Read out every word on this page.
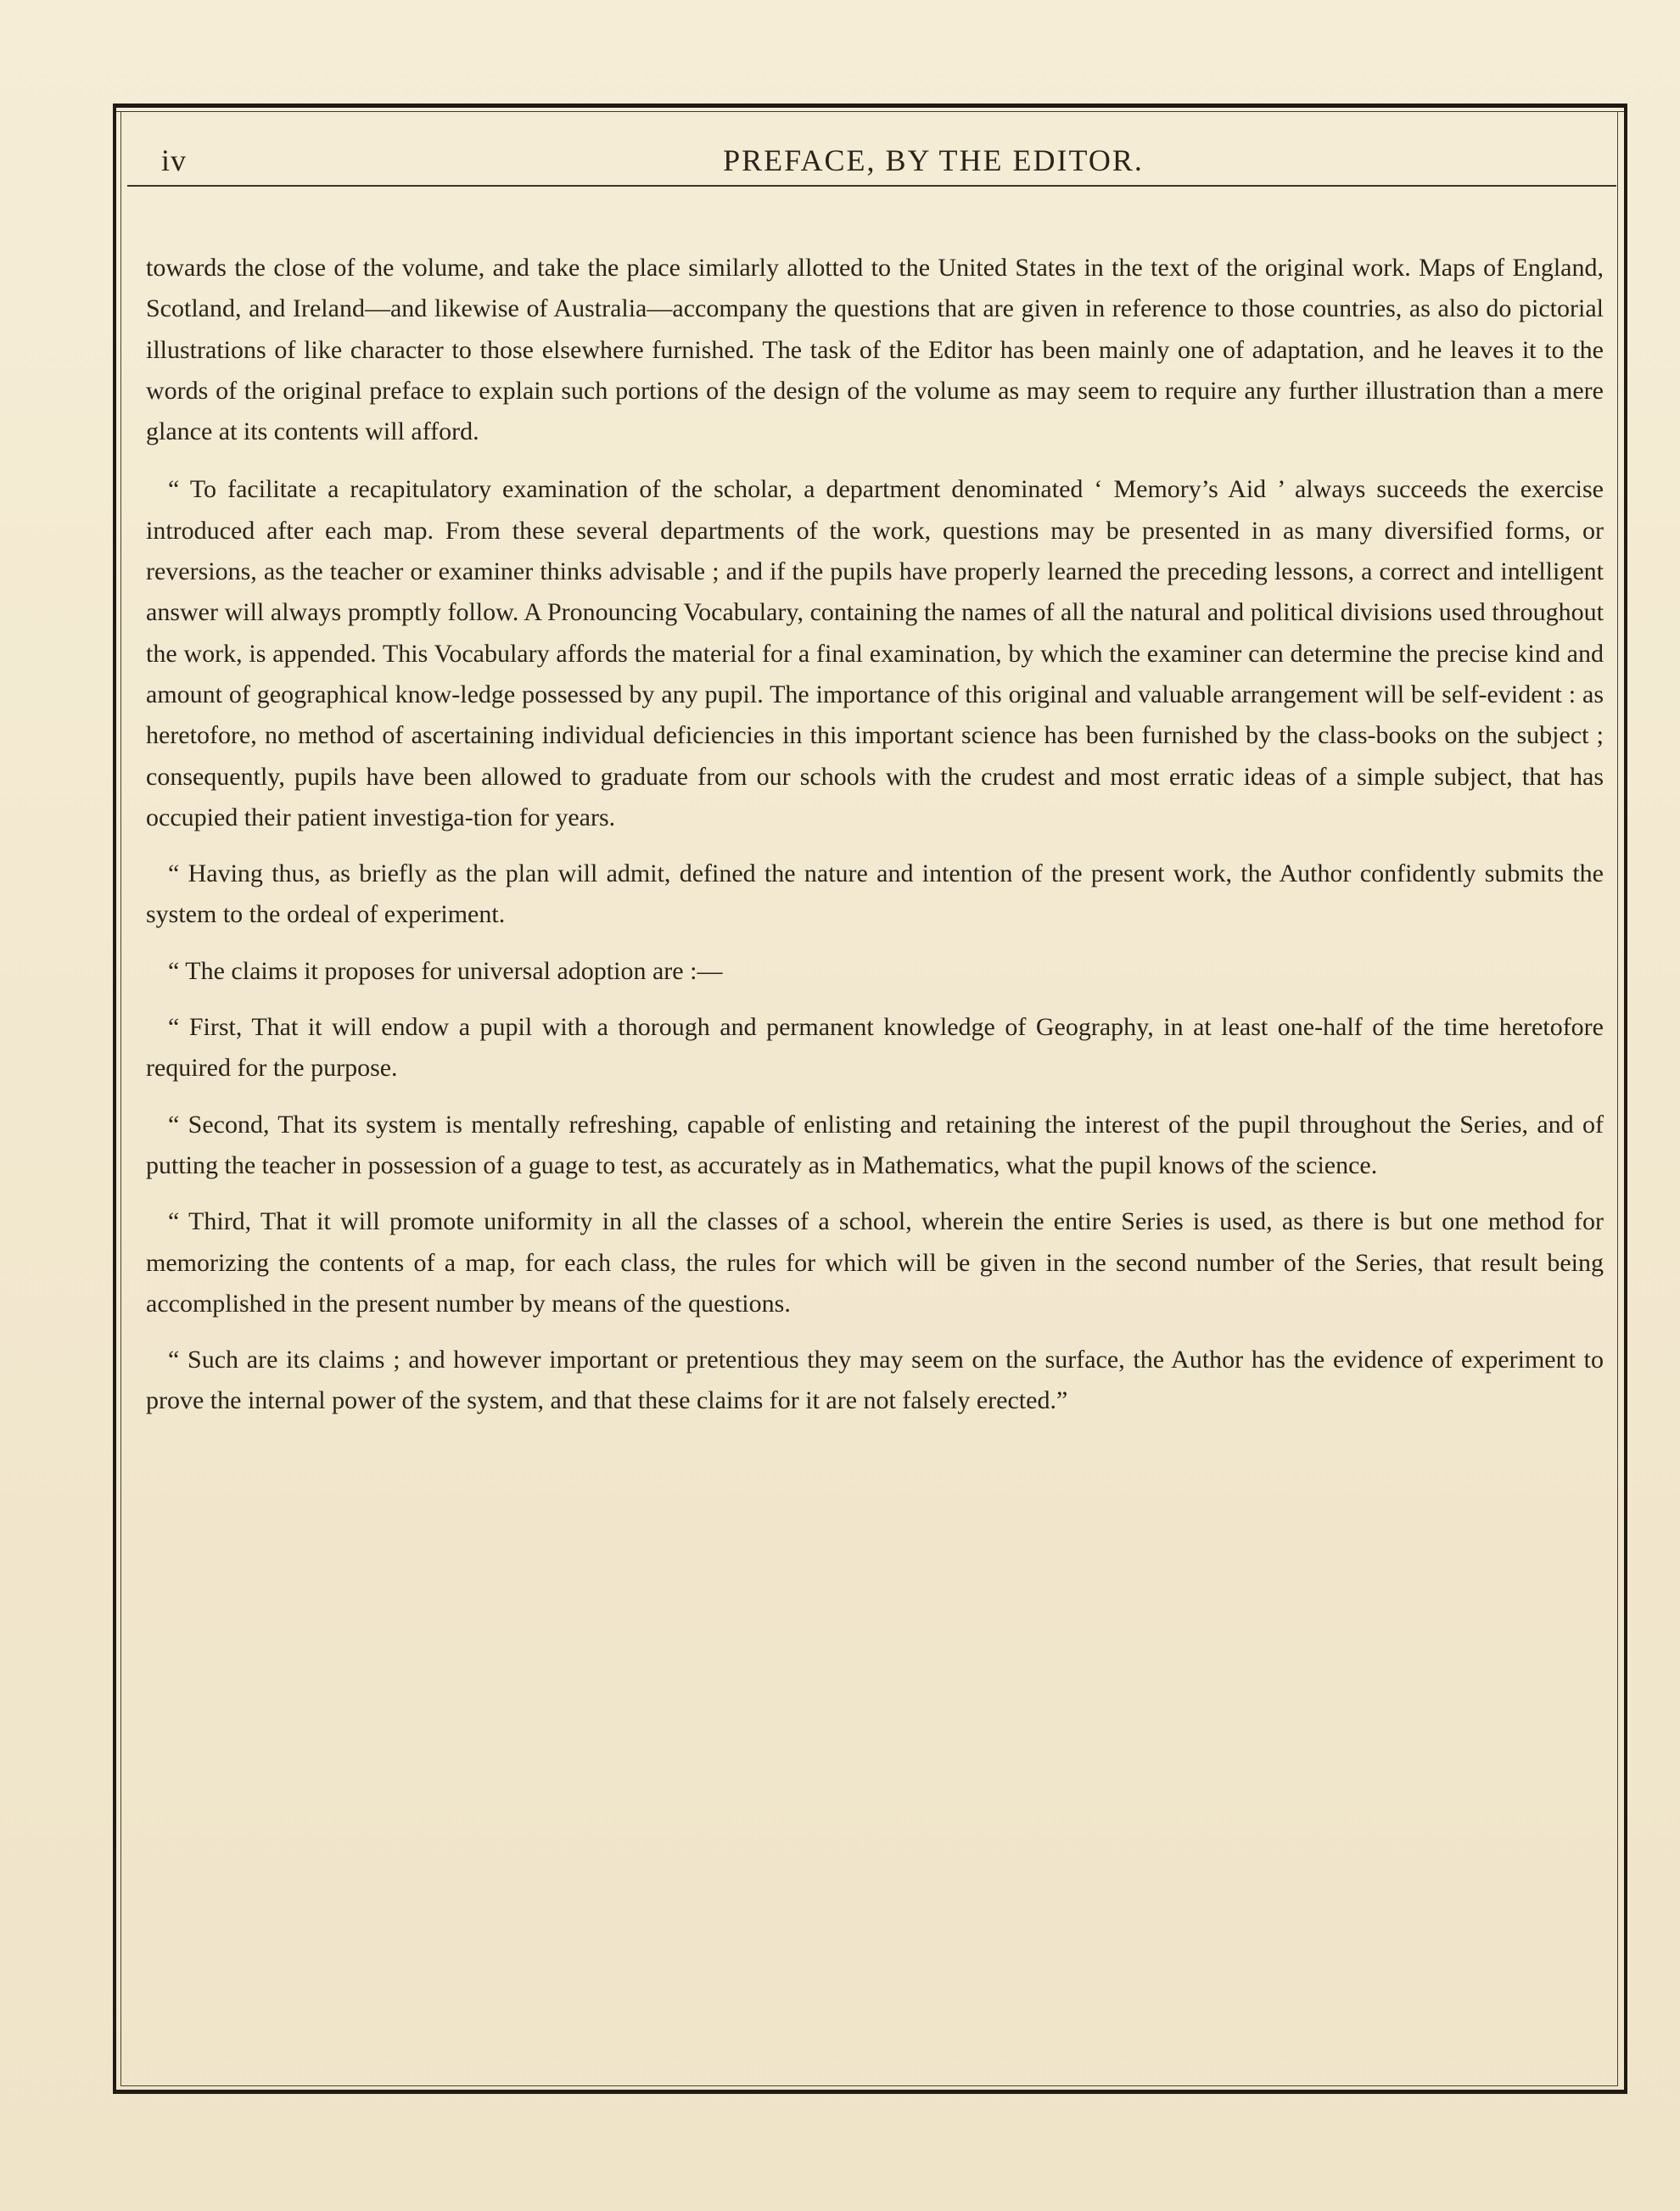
iv	PREFACE, BY THE EDITOR.

towards the close of the volume, and take the place similarly allotted to the United States in the text of the original work. Maps of England, Scotland, and Ireland—and likewise of Australia—accompany the questions that are given in reference to those countries, as also do pictorial illustrations of like character to those elsewhere furnished. The task of the Editor has been mainly one of adaptation, and he leaves it to the words of the original preface to explain such portions of the design of the volume as may seem to require any further illustration than a mere glance at its contents will afford.

“ To facilitate a recapitulatory examination of the scholar, a department denominated ‘ Memory’s Aid ’ always succeeds the exercise introduced after each map. From these several departments of the work, questions may be presented in as many diversified forms, or reversions, as the teacher or examiner thinks advisable ; and if the pupils have properly learned the preceding lessons, a correct and intelligent answer will always promptly follow. A Pronouncing Vocabulary, containing the names of all the natural and political divisions used throughout the work, is appended. This Vocabulary affords the material for a final examination, by which the examiner can determine the precise kind and amount of geographical know-ledge possessed by any pupil. The importance of this original and valuable arrangement will be self-evident : as heretofore, no method of ascertaining individual deficiencies in this important science has been furnished by the class-books on the subject ; consequently, pupils have been allowed to graduate from our schools with the crudest and most erratic ideas of a simple subject, that has occupied their patient investiga-tion for years.

“ Having thus, as briefly as the plan will admit, defined the nature and intention of the present work, the Author confidently submits the system to the ordeal of experiment.

“ The claims it proposes for universal adoption are :—

“ First, That it will endow a pupil with a thorough and permanent knowledge of Geography, in at least one-half of the time heretofore required for the purpose.

“ Second, That its system is mentally refreshing, capable of enlisting and retaining the interest of the pupil throughout the Series, and of putting the teacher in possession of a guage to test, as accurately as in Mathematics, what the pupil knows of the science.

“ Third, That it will promote uniformity in all the classes of a school, wherein the entire Series is used, as there is but one method for memorizing the contents of a map, for each class, the rules for which will be given in the second number of the Series, that result being accomplished in the present number by means of the questions.

“ Such are its claims ; and however important or pretentious they may seem on the surface, the Author has the evidence of experiment to prove the internal power of the system, and that these claims for it are not falsely erected.”
